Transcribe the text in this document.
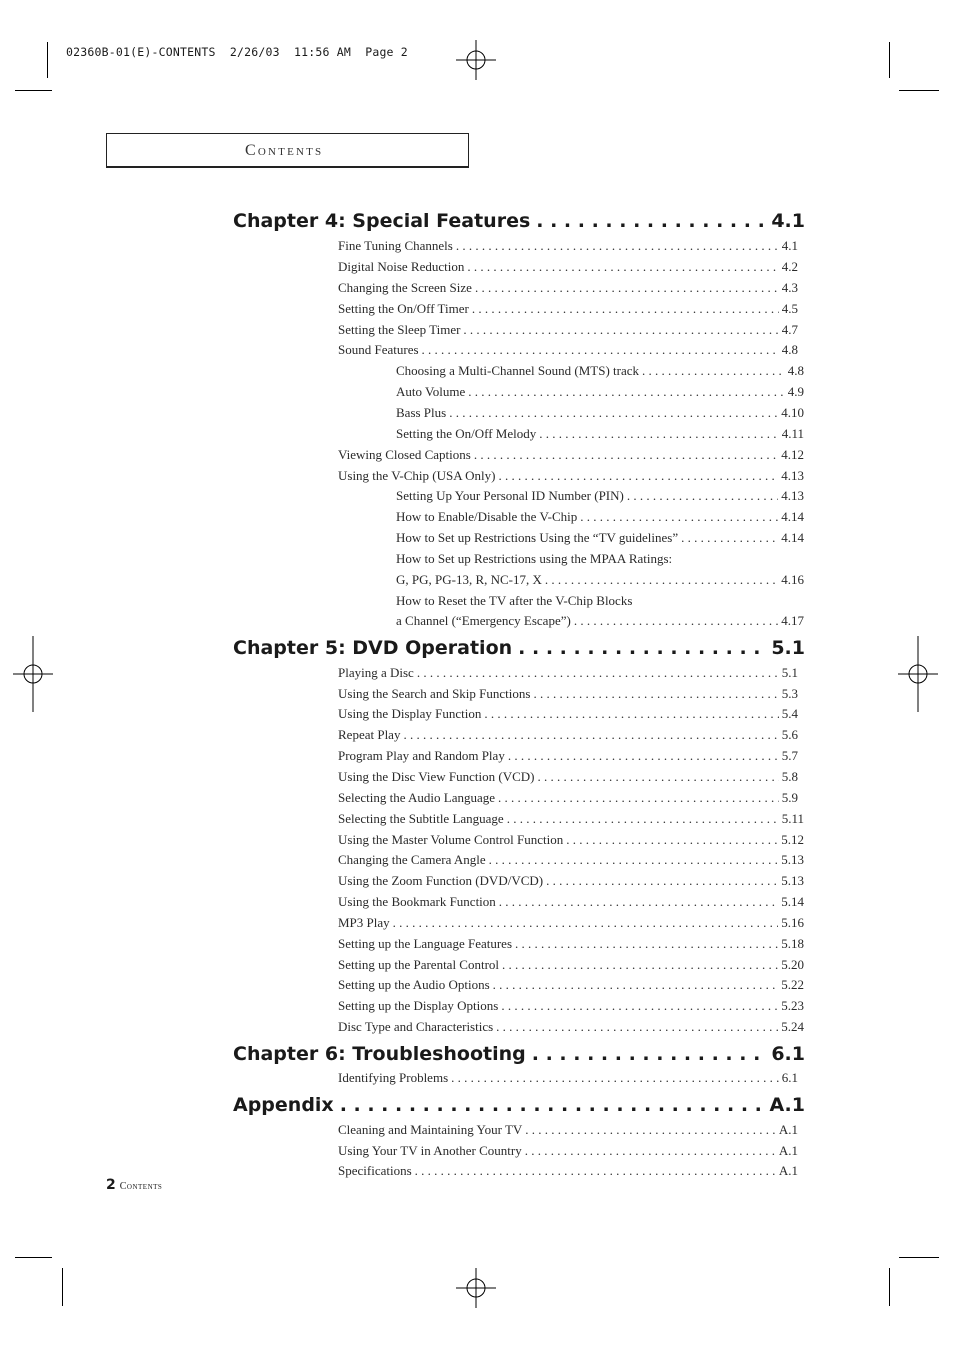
02360B-01(E)-CONTENTS  2/26/03  11:56 AM  Page 2
Contents
Chapter 4: Special Features . . .	4.1
Fine Tuning Channels . . .	4.1
Digital Noise Reduction . . .	4.2
Changing the Screen Size . . .	4.3
Setting the On/Off Timer . . .	4.5
Setting the Sleep Timer . . .	4.7
Sound Features . . .	4.8
Choosing a Multi-Channel Sound (MTS) track . . .	4.8
Auto Volume . . .	4.9
Bass Plus . . .	4.10
Setting the On/Off Melody . . .	4.11
Viewing Closed Captions . . .	4.12
Using the V-Chip (USA Only) . . .	4.13
Setting Up Your Personal ID Number (PIN) . . .	4.13
How to Enable/Disable the V-Chip . . .	4.14
How to Set up Restrictions Using the “TV guidelines” . . .	4.14
How to Set up Restrictions using the MPAA Ratings:
G, PG, PG-13, R, NC-17, X . . .	4.16
How to Reset the TV after the V-Chip Blocks
a Channel (“Emergency Escape”) . . .	4.17
Chapter 5: DVD Operation . . .	5.1
Playing a Disc . . .	5.1
Using the Search and Skip Functions . . .	5.3
Using the Display Function . . .	5.4
Repeat Play . . .	5.6
Program Play and Random Play . . .	5.7
Using the Disc View Function (VCD) . . .	5.8
Selecting the Audio Language . . .	5.9
Selecting the Subtitle Language . . .	5.11
Using the Master Volume Control Function . . .	5.12
Changing the Camera Angle . . .	5.13
Using the Zoom Function (DVD/VCD) . . .	5.13
Using the Bookmark Function . . .	5.14
MP3 Play . . .	5.16
Setting up the Language Features . . .	5.18
Setting up the Parental Control . . .	5.20
Setting up the Audio Options . . .	5.22
Setting up the Display Options . . .	5.23
Disc Type and Characteristics . . .	5.24
Chapter 6: Troubleshooting . . .	6.1
Identifying Problems . . .	6.1
Appendix . . .	A.1
Cleaning and Maintaining Your TV . . .	A.1
Using Your TV in Another Country . . .	A.1
Specifications . . .	A.1
2 Contents
